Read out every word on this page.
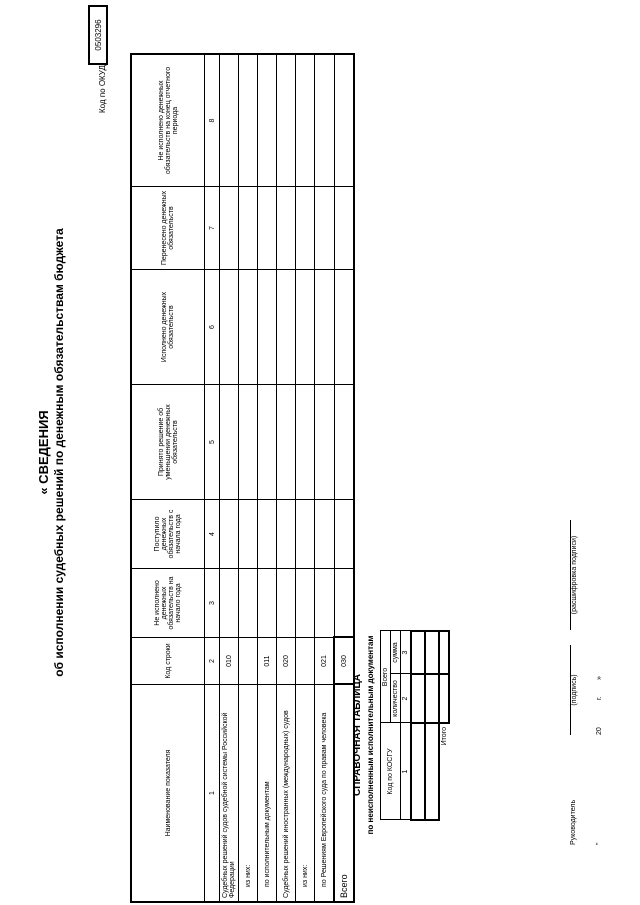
« СВЕДЕНИЯ об исполнении судебных решений по денежным обязательствам бюджета
Код по ОКУД
0503296
Наименование показателя	Код строки	Не исполнено денежных обязательств на начало года	Поступило денежных обязательств с начала года	Принято решение об уменьшении денежных обязательств	Исполнено денежных обязательств	Перенесено денежных обязательств	Не исполнено денежных обязательств на конец отчетного периода
1	2	3	4	5	6	7	8
Судебных решений судов судебной системы Российской Федерации	010						
из них:							
по исполнительным документам	011						
Судебных решений иностранных (международных) судов	020						
из них:							
по Решениям Европейского суда по правам человека	021						
Всего	030						
СПРАВОЧНАЯ ТАБЛИЦА по неисполненным исполнительным документам Код по КОСГУ	Всего	
	количество	сумма
1	2	3

Итого		
Руководитель
(подпись)
(расшифровка подписи)
"
20
г.
»
